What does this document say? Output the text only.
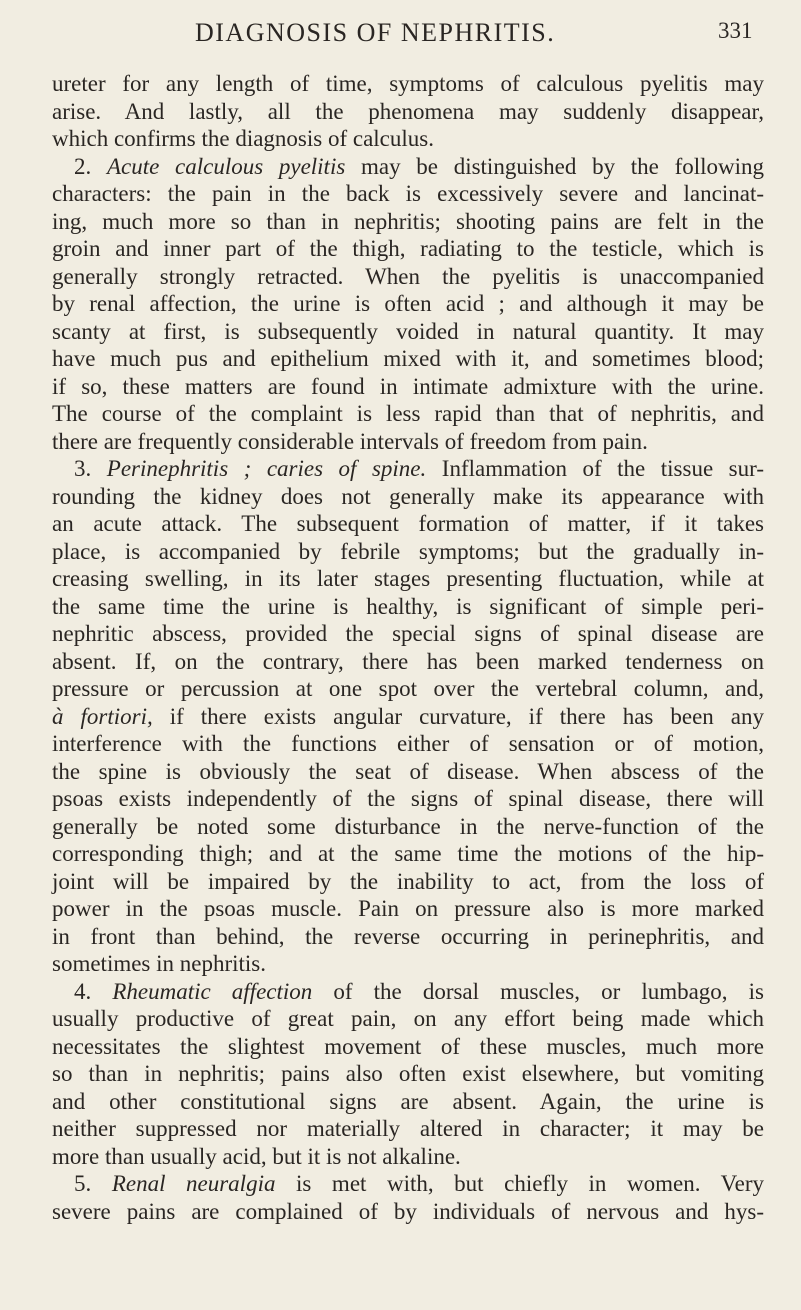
DIAGNOSIS OF NEPHRITIS.	331
ureter for any length of time, symptoms of calculous pyelitis may
arise. And lastly, all the phenomena may suddenly disappear,
which confirms the diagnosis of calculus.
2. Acute calculous pyelitis may be distinguished by the following
characters: the pain in the back is excessively severe and lancinat-
ing, much more so than in nephritis; shooting pains are felt in the
groin and inner part of the thigh, radiating to the testicle, which is
generally strongly retracted. When the pyelitis is unaccompanied
by renal affection, the urine is often acid ; and although it may be
scanty at first, is subsequently voided in natural quantity. It may
have much pus and epithelium mixed with it, and sometimes blood;
if so, these matters are found in intimate admixture with the urine.
The course of the complaint is less rapid than that of nephritis, and
there are frequently considerable intervals of freedom from pain.
3. Perinephritis ; caries of spine. Inflammation of the tissue sur-
rounding the kidney does not generally make its appearance with
an acute attack. The subsequent formation of matter, if it takes
place, is accompanied by febrile symptoms; but the gradually in-
creasing swelling, in its later stages presenting fluctuation, while at
the same time the urine is healthy, is significant of simple peri-
nephritic abscess, provided the special signs of spinal disease are
absent. If, on the contrary, there has been marked tenderness on
pressure or percussion at one spot over the vertebral column, and,
à fortiori, if there exists angular curvature, if there has been any
interference with the functions either of sensation or of motion,
the spine is obviously the seat of disease. When abscess of the
psoas exists independently of the signs of spinal disease, there will
generally be noted some disturbance in the nerve-function of the
corresponding thigh; and at the same time the motions of the hip-
joint will be impaired by the inability to act, from the loss of
power in the psoas muscle. Pain on pressure also is more marked
in front than behind, the reverse occurring in perinephritis, and
sometimes in nephritis.
4. Rheumatic affection of the dorsal muscles, or lumbago, is
usually productive of great pain, on any effort being made which
necessitates the slightest movement of these muscles, much more
so than in nephritis; pains also often exist elsewhere, but vomiting
and other constitutional signs are absent. Again, the urine is
neither suppressed nor materially altered in character; it may be
more than usually acid, but it is not alkaline.
5. Renal neuralgia is met with, but chiefly in women. Very
severe pains are complained of by individuals of nervous and hys-
